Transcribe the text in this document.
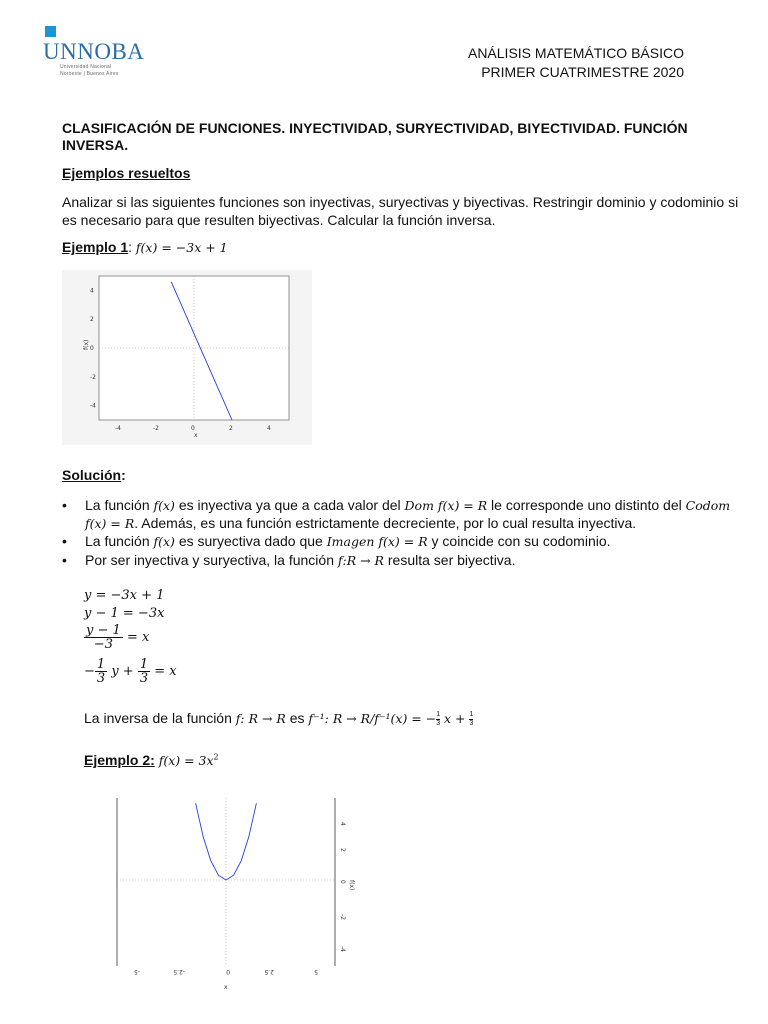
UNNOBA
Universidad Nacional
Noroeste | Buenos Aires
ANÁLISIS MATEMÁTICO BÁSICO
PRIMER CUATRIMESTRE 2020
CLASIFICACIÓN DE FUNCIONES. INYECTIVIDAD, SURYECTIVIDAD, BIYECTIVIDAD. FUNCIÓN INVERSA.
Ejemplos resueltos
Analizar si las siguientes funciones son inyectivas, suryectivas y biyectivas. Restringir dominio y codominio si es necesario para que resulten biyectivas. Calcular la función inversa.
Ejemplo 1: f(x) = −3x + 1
-4	-2	0	2	4
4
2
0
-2
-4
x
f(x)
Solución:
• La función f(x) es inyectiva ya que a cada valor del Dom f(x) = R le corresponde uno distinto del Codom f(x) = R. Además, es una función estrictamente decreciente, por lo cual resulta inyectiva.
• La función f(x) es suryectiva dado que Imagen f(x) = R y coincide con su codominio.
• Por ser inyectiva y suryectiva, la función f:R → R resulta ser biyectiva.
y = −3x + 1
y − 1 = −3x
$\frac{y - 1}{-3} = x$
− $\frac{1}{3}$ $y + \frac{1}{3} = x$
La inversa de la función f: R → R es f⁻¹: R → R/f⁻¹(x) = − $\frac{1}{3}$ $x + \frac{1}{3}$
Ejemplo 2: $f(x) = 3x^2$
-5	-2.5	0	2.5	5
4
2
0
-2
-4
x
f(x)
